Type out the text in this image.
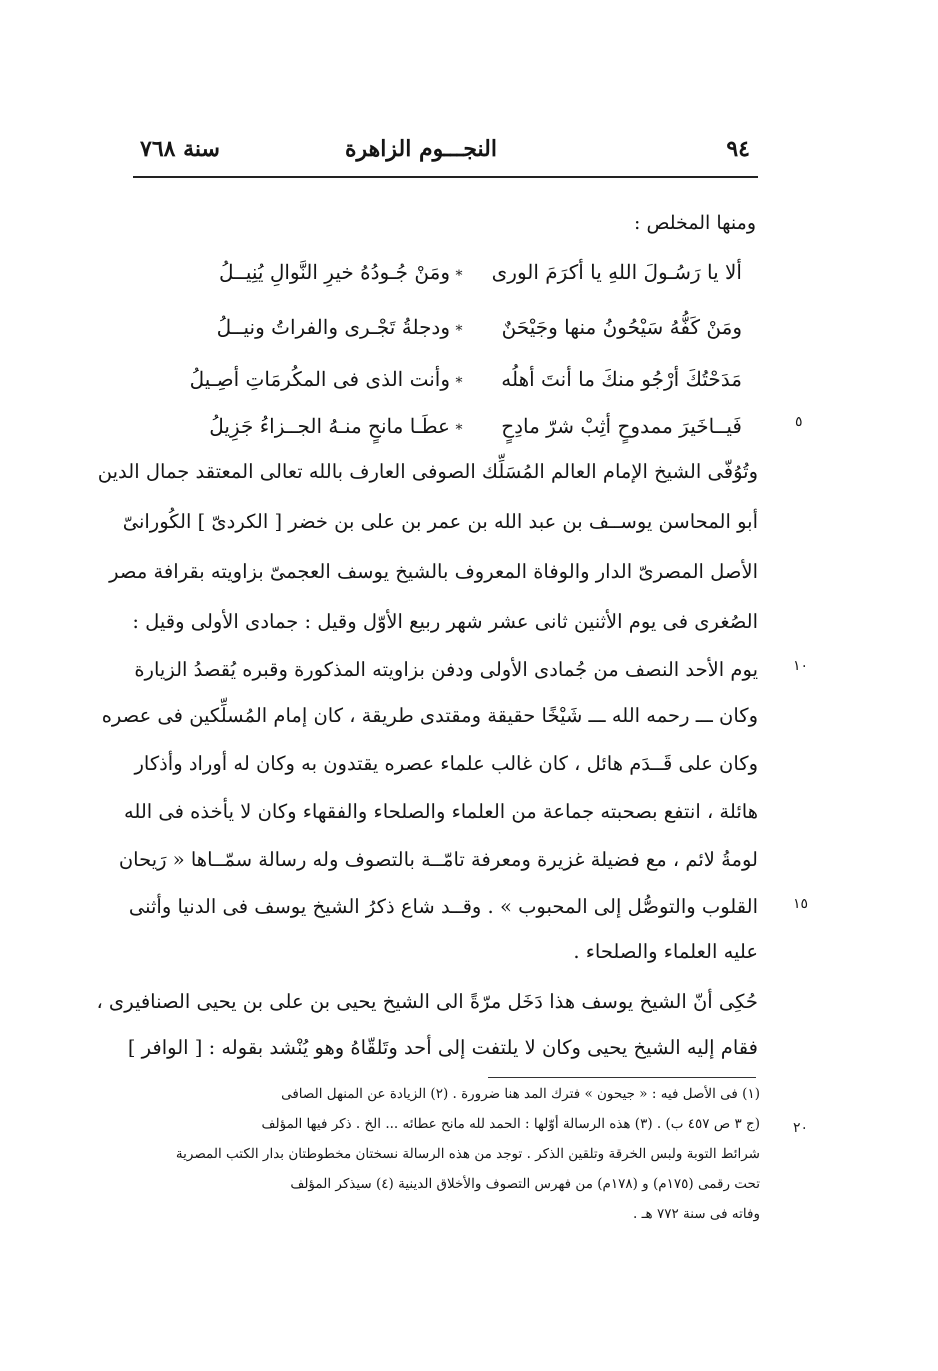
٩٤
النجـــوم الزاهرة
سنة ٧٦٨
ومنها المخلص :
ألا يا رَسُـولَ اللهِ يا أكرَمَ الورى
*
ومَنْ جُـودُهُ خيرِ النَّوالِ يُنِيــلُ
ومَنْ كَفُّهُ سَيْحُونُ منها وجَيْحَنٌ
*
ودجلةُ تَجْـرى والفراتُ ونيــلُ
مَدَحْتُكَ أرْجُو منكَ ما أنتَ أهلُه
*
وأنت الذى فى المكُرمَاتِ أصِـيلُ
فَيــاخَيرَ ممدوحٍ أثِبْ شرّ مادِحٍ
*
عطَـا مانحٍ منـهُ الجــزاءُ جَزِيلُ
وتُوُفّى الشيخ الإمام العالم المُسَلِّك الصوفى العارف بالله تعالى المعتقد جمال الدين
أبو المحاسن يوســف بن عبد الله بن عمر بن على بن خضر [ الكردىّ ] الكُورانىّ
الأصل المصرىّ الدار والوفاة المعروف بالشيخ يوسف العجمىّ بزاويته بقرافة مصر
الصُغرى فى يوم الأثنين ثانى عشر شهر ربيع الأوّل وقيل : جمادى الأولى وقيل :
يوم الأحد النصف من جُمادى الأولى ودفن بزاويته المذكورة وقبره يُقصدُ الزيارة
وكان ـــ رحمه الله ـــ شَيْخًا حقيقة ومقتدى طريقة ، كان إمام المُسلِّكين فى عصره
وكان على قَــدَم هائل ، كان غالب علماء عصره يقتدون به وكان له أوراد وأذكار
هائلة ، انتفع بصحبته جماعة من العلماء والصلحاء والفقهاء وكان لا يأخذه فى الله
لومةُ لائم ، مع فضيلة غزيرة ومعرفة تامّــة بالتصوف وله رسالة سمّــاها « رَيحان
القلوب والتوصُّل إلى المحبوب » . وقــد شاع ذكرُ الشيخ يوسف فى الدنيا وأثنى
عليه العلماء والصلحاء .
حُكِى أنّ الشيخ يوسف هذا دَخَل مرّةً الى الشيخ يحيى بن على بن يحيى الصنافيرى ،
فقام إليه الشيخ يحيى وكان لا يلتفت إلى أحد وتَلقّاهُ وهو يُنْشد بقوله : [ الوافر ]
٥
١٠
١٥
٢٠
(١) فى الأصل فيه : « جيحون » فترك المد هنا ضرورة . (٢) الزيادة عن المنهل الصافى
(ج ٣ ص ٤٥٧ ب) . (٣) هذه الرسالة أوّلها : الحمد لله مانح عطائه ... الخ . ذكر فيها المؤلف
شرائط التوبة ولبس الخرقة وتلقين الذكر . توجد من هذه الرسالة نسختان مخطوطتان بدار الكتب المصرية
تحت رقمى (١٧٥م) و (١٧٨م) من فهرس التصوف والأخلاق الدينية (٤) سيذكر المؤلف
وفاته فى سنة ٧٧٢ هـ .
